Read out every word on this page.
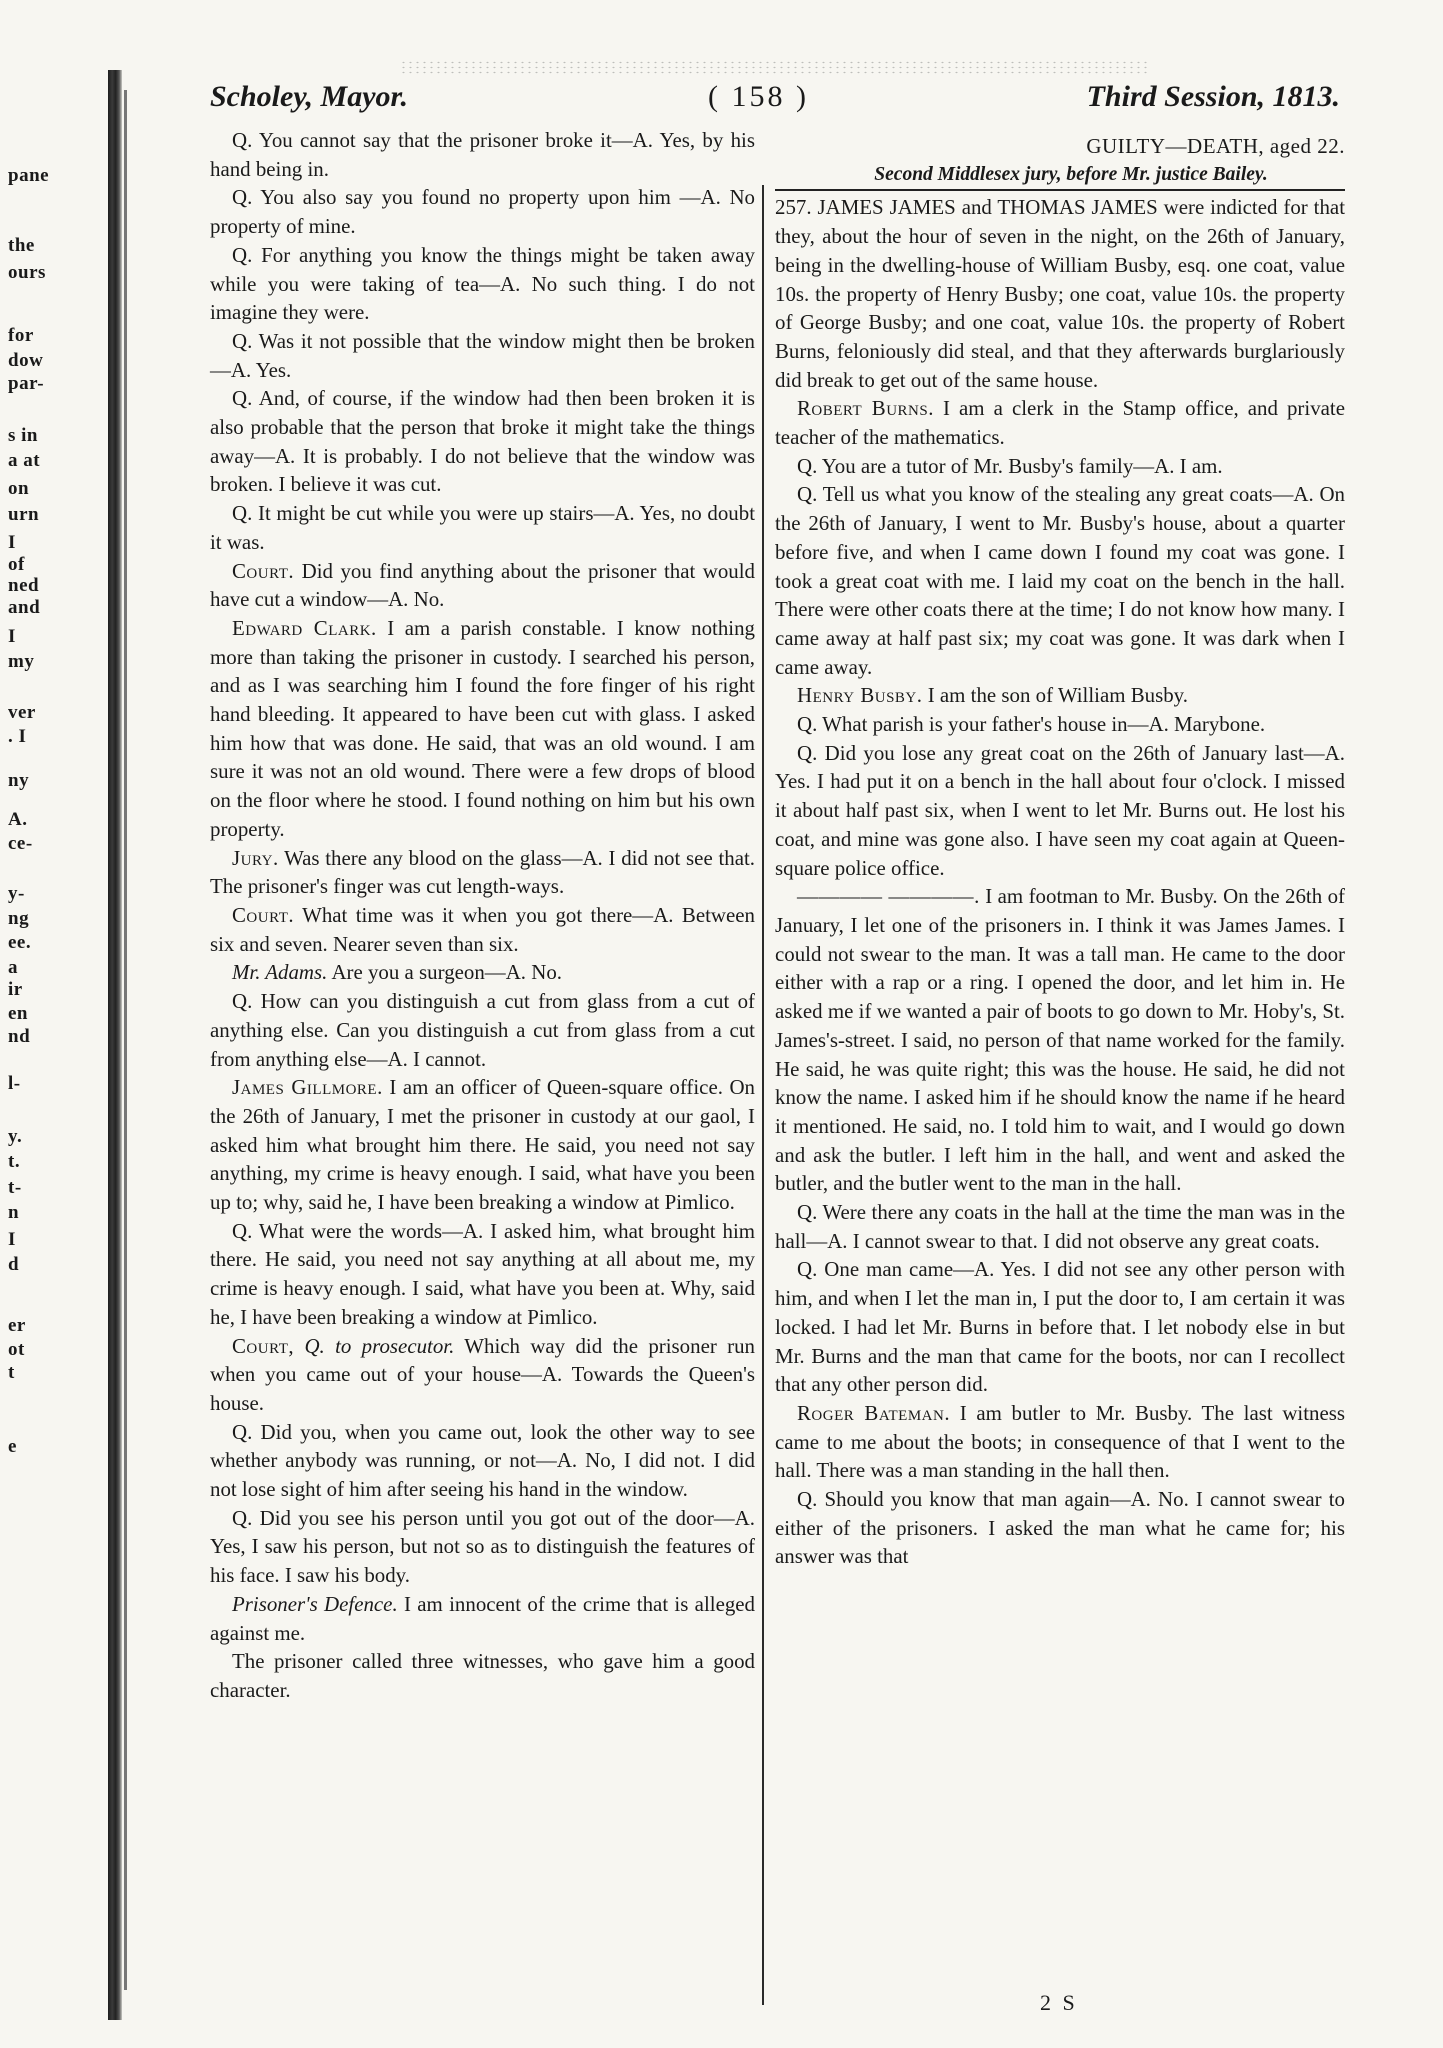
pane
the
ours
for
dow
par-
s in
a at
on
urn
I
of
ned
and
I
my
ver
. I
ny
A.
ce-
y-
ng
ee.
a
ir
en
nd
l-
y.
t.
t-
n
I
d
er
ot
t
e
Scholey, Mayor.	( 158 )	Third Session, 1813.

Q. You cannot say that the prisoner broke it—A. Yes, by his hand being in.

Q. You also say you found no property upon him —A. No property of mine.

Q. For anything you know the things might be taken away while you were taking of tea—A. No such thing. I do not imagine they were.

Q. Was it not possible that the window might then be broken—A. Yes.

Q. And, of course, if the window had then been broken it is also probable that the person that broke it might take the things away—A. It is probably. I do not believe that the window was broken. I believe it was cut.

Q. It might be cut while you were up stairs—A. Yes, no doubt it was.

Court. Did you find anything about the prisoner that would have cut a window—A. No.

Edward Clark. I am a parish constable. I know nothing more than taking the prisoner in custody. I searched his person, and as I was searching him I found the fore finger of his right hand bleeding. It appeared to have been cut with glass. I asked him how that was done. He said, that was an old wound. I am sure it was not an old wound. There were a few drops of blood on the floor where he stood. I found nothing on him but his own property.

Jury. Was there any blood on the glass—A. I did not see that. The prisoner's finger was cut length-ways.

Court. What time was it when you got there—A. Between six and seven. Nearer seven than six.

Mr. Adams. Are you a surgeon—A. No.

Q. How can you distinguish a cut from glass from a cut of anything else. Can you distinguish a cut from glass from a cut from anything else—A. I cannot.

James Gillmore. I am an officer of Queen-square office. On the 26th of January, I met the prisoner in custody at our gaol, I asked him what brought him there. He said, you need not say anything, my crime is heavy enough. I said, what have you been up to; why, said he, I have been breaking a window at Pimlico.

Q. What were the words—A. I asked him, what brought him there. He said, you need not say anything at all about me, my crime is heavy enough. I said, what have you been at. Why, said he, I have been breaking a window at Pimlico.

Court, Q. to prosecutor. Which way did the prisoner run when you came out of your house—A. Towards the Queen's house.

Q. Did you, when you came out, look the other way to see whether anybody was running, or not—A. No, I did not. I did not lose sight of him after seeing his hand in the window.

Q. Did you see his person until you got out of the door—A. Yes, I saw his person, but not so as to distinguish the features of his face. I saw his body.

Prisoner's Defence. I am innocent of the crime that is alleged against me.

The prisoner called three witnesses, who gave him a good character.

GUILTY—DEATH, aged 22.

Second Middlesex jury, before Mr. justice Bailey.

257. JAMES JAMES and THOMAS JAMES were indicted for that they, about the hour of seven in the night, on the 26th of January, being in the dwelling-house of William Busby, esq. one coat, value 10s. the property of Henry Busby; one coat, value 10s. the property of George Busby; and one coat, value 10s. the property of Robert Burns, feloniously did steal, and that they afterwards burglariously did break to get out of the same house.

Robert Burns. I am a clerk in the Stamp office, and private teacher of the mathematics.

Q. You are a tutor of Mr. Busby's family—A. I am.

Q. Tell us what you know of the stealing any great coats—A. On the 26th of January, I went to Mr. Busby's house, about a quarter before five, and when I came down I found my coat was gone. I took a great coat with me. I laid my coat on the bench in the hall. There were other coats there at the time; I do not know how many. I came away at half past six; my coat was gone. It was dark when I came away.

Henry Busby. I am the son of William Busby.

Q. What parish is your father's house in—A. Marybone.

Q. Did you lose any great coat on the 26th of January last—A. Yes. I had put it on a bench in the hall about four o'clock. I missed it about half past six, when I went to let Mr. Burns out. He lost his coat, and mine was gone also. I have seen my coat again at Queen-square police office.

———— ————. I am footman to Mr. Busby. On the 26th of January, I let one of the prisoners in. I think it was James James. I could not swear to the man. It was a tall man. He came to the door either with a rap or a ring. I opened the door, and let him in. He asked me if we wanted a pair of boots to go down to Mr. Hoby's, St. James's-street. I said, no person of that name worked for the family. He said, he was quite right; this was the house. He said, he did not know the name. I asked him if he should know the name if he heard it mentioned. He said, no. I told him to wait, and I would go down and ask the butler. I left him in the hall, and went and asked the butler, and the butler went to the man in the hall.

Q. Were there any coats in the hall at the time the man was in the hall—A. I cannot swear to that. I did not observe any great coats.

Q. One man came—A. Yes. I did not see any other person with him, and when I let the man in, I put the door to, I am certain it was locked. I had let Mr. Burns in before that. I let nobody else in but Mr. Burns and the man that came for the boots, nor can I recollect that any other person did.

Roger Bateman. I am butler to Mr. Busby. The last witness came to me about the boots; in consequence of that I went to the hall. There was a man standing in the hall then.

Q. Should you know that man again—A. No. I cannot swear to either of the prisoners. I asked the man what he came for; his answer was that

2 S
